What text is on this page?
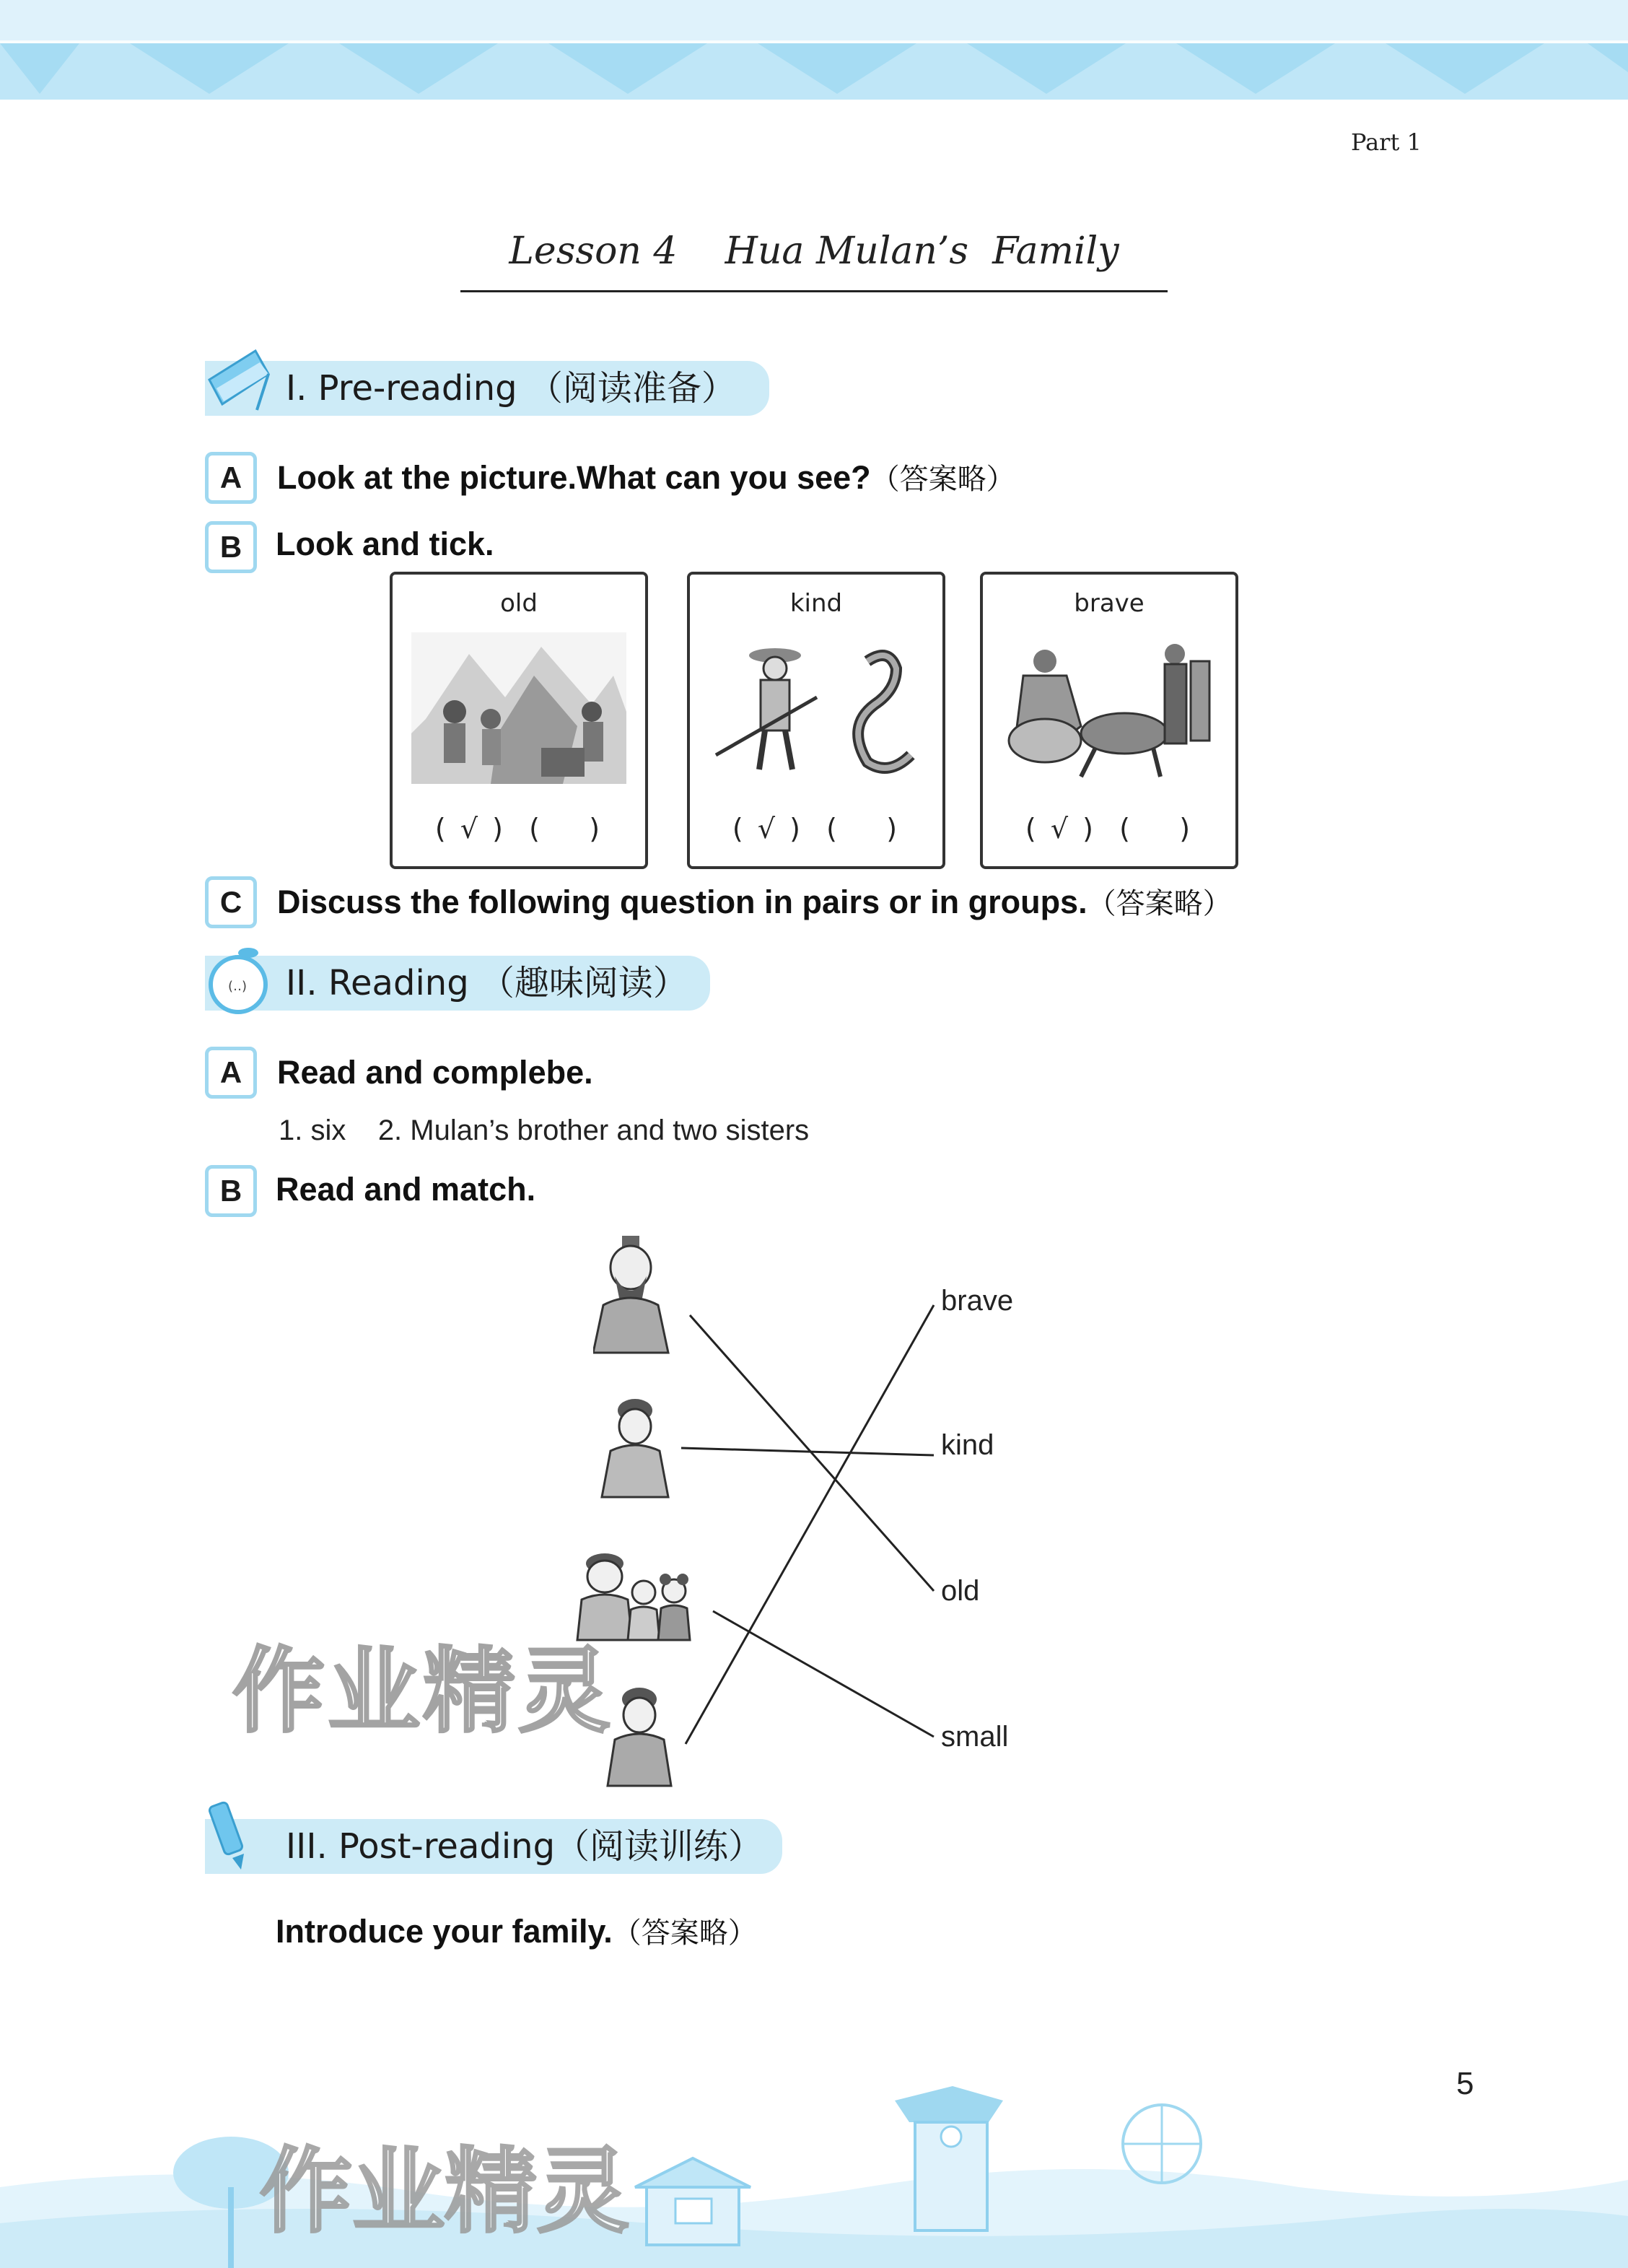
Part 1
Lesson 4    Hua Mulan’s  Family
I. Pre-reading （阅读准备）
A	Look at the picture.What can you see?（答案略）
B	Look and tick.
old
( √ )  (    )
kind
( √ )  (    )
brave
( √ )  (    )
C	Discuss the following question in pairs or in groups.（答案略）
(‥) II. Reading （趣味阅读）
A	Read and complebe.
1. six    2. Mulan’s brother and two sisters
B	Read and match.
brave
kind
old
small
作业精灵
III. Post-reading（阅读训练）
Introduce your family.（答案略）
5
作业精灵
